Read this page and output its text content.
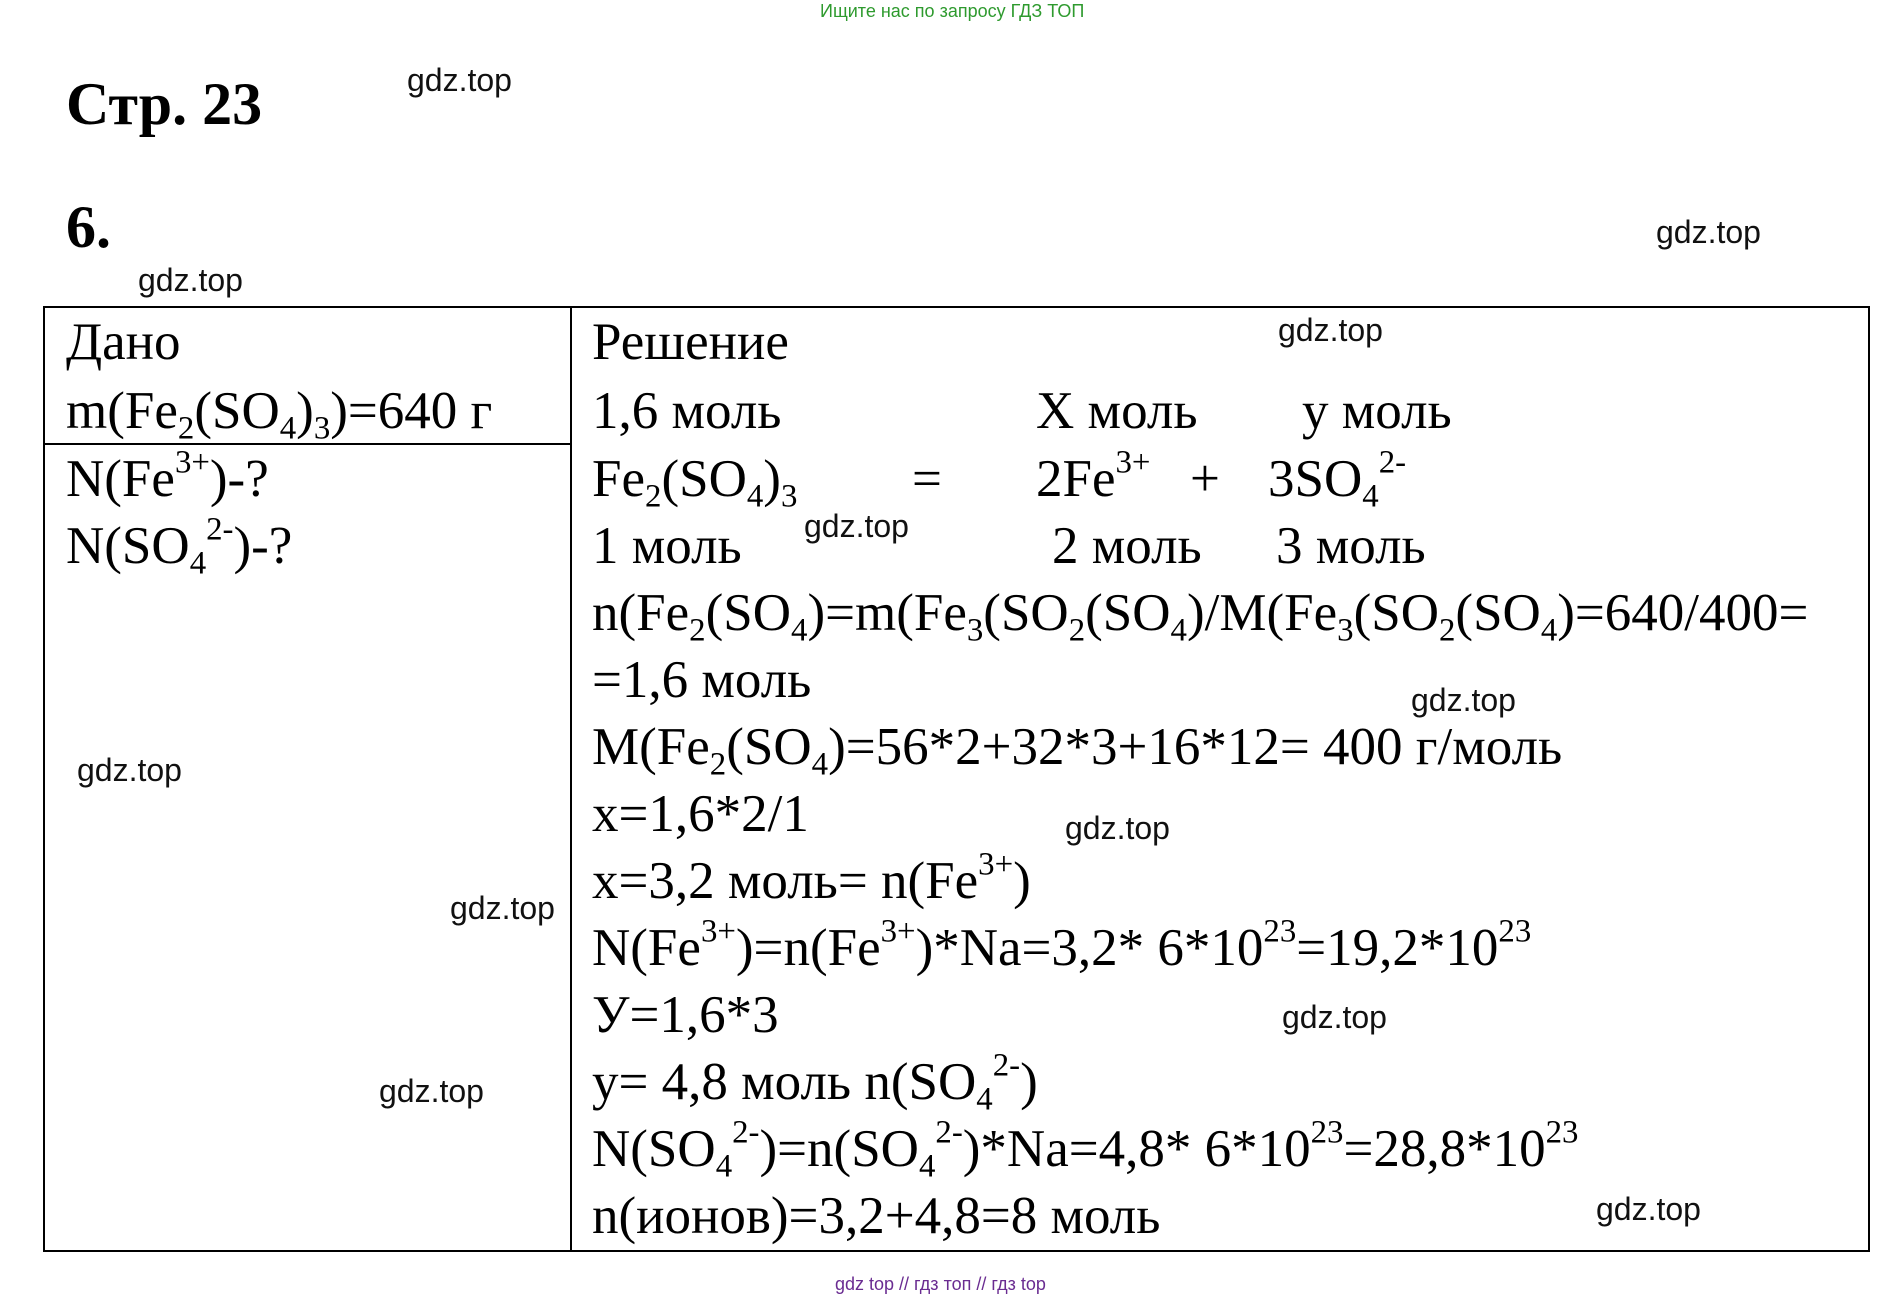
Ищите нас по запросу ГДЗ ТОП
gdz top // гдз топ // гдз top
Стр. 23
6.
gdz.top
gdz.top
gdz.top
gdz.top
gdz.top
gdz.top
gdz.top
gdz.top
gdz.top
gdz.top
gdz.top
gdz.top
Дано
$m(Fe_2(SO_4)_3)=640$ г
$N(Fe^{3+})-$?
$N(SO_4^{2-})-$?
Решение
1,6 моль	X моль у моль
$Fe_2(SO_4)_3 = 2Fe^{3+} + 3SO_4^{2-}$
1 моль	2 моль 3 моль
$n(Fe_2(SO_4)=m(Fe_3(SO_2(SO_4)/M(Fe_3(SO_2(SO_4)=640/400=$
=1,6 моль
$M(Fe_2(SO_4)=56*2+32*3+16*12= 400$ г/моль
x=1,6*2/1
x=3,2 моль= $n(Fe^{3+})$
$N(Fe^{3+})=n(Fe^{3+})*Na=3,2*$ $6*10^{23}=19,2*10^{23}$
У=1,6*3
y= 4,8 моль $n(SO_4^{2-})$
$N(SO_4^{2-})=n(SO_4^{2-})*Na=4,8*$ $6*10^{23}=28,8*10^{23}$
n(ионов)=3,2+4,8=8 моль
